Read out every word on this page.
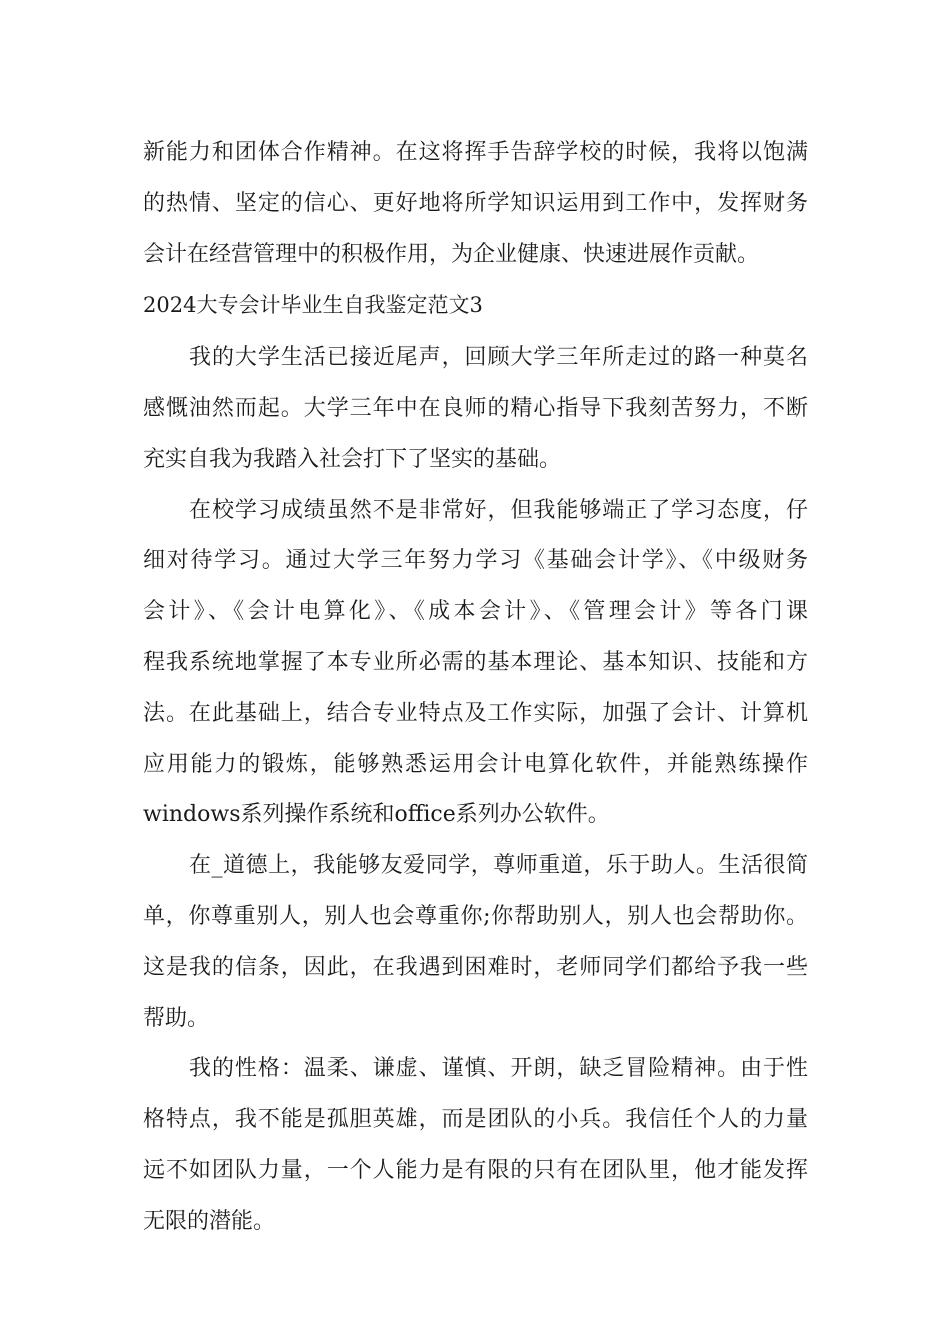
新能力和团体合作精神。在这将挥手告辞学校的时候，我将以饱满
的热情、坚定的信心、更好地将所学知识运用到工作中，发挥财务
会计在经营管理中的积极作用，为企业健康、快速进展作贡献。
2024大专会计毕业生自我鉴定范文3
我的大学生活已接近尾声，回顾大学三年所走过的路一种莫名
感慨油然而起。大学三年中在良师的精心指导下我刻苦努力，不断
充实自我为我踏入社会打下了坚实的基础。
在校学习成绩虽然不是非常好，但我能够端正了学习态度，仔
细对待学习。通过大学三年努力学习《基础会计学》、《中级财务
会计》、《会计电算化》、《成本会计》、《管理会计》等各门课
程我系统地掌握了本专业所必需的基本理论、基本知识、技能和方
法。在此基础上，结合专业特点及工作实际，加强了会计、计算机
应用能力的锻炼，能够熟悉运用会计电算化软件，并能熟练操作
windows系列操作系统和office系列办公软件。
在_道德上，我能够友爱同学，尊师重道，乐于助人。生活很简
单，你尊重别人，别人也会尊重你;你帮助别人，别人也会帮助你。
这是我的信条，因此，在我遇到困难时，老师同学们都给予我一些
帮助。
我的性格：温柔、谦虚、谨慎、开朗，缺乏冒险精神。由于性
格特点，我不能是孤胆英雄，而是团队的小兵。我信任个人的力量
远不如团队力量，一个人能力是有限的只有在团队里，他才能发挥
无限的潜能。
